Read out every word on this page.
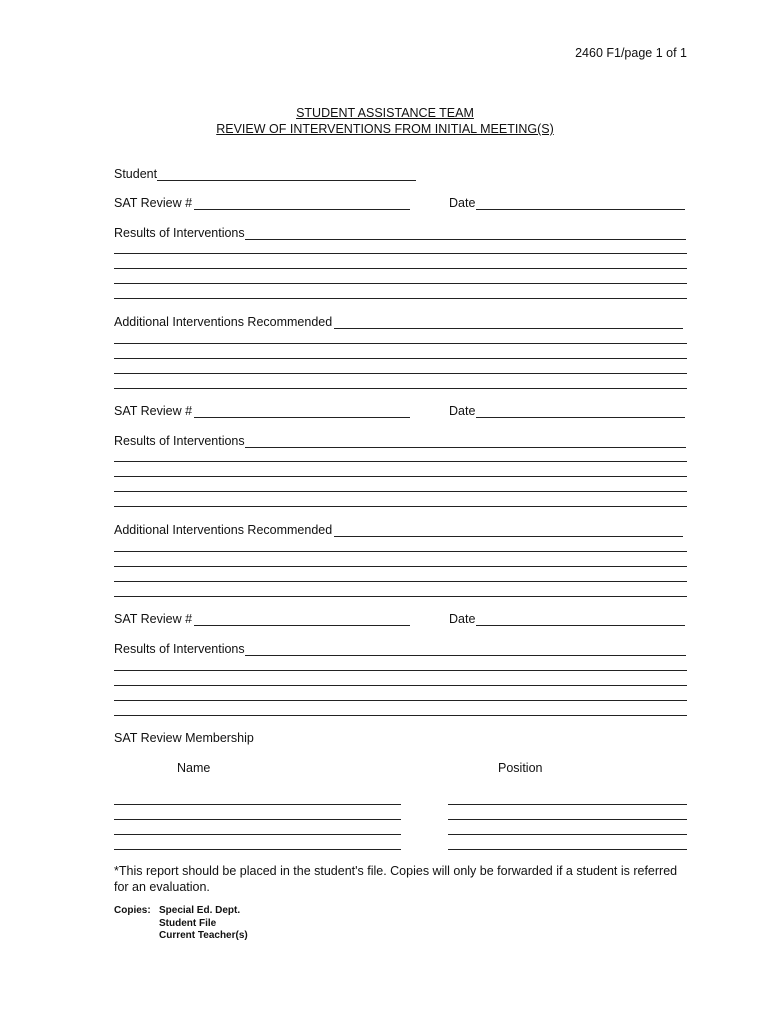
2460 F1/page 1 of 1
STUDENT ASSISTANCE TEAM
REVIEW OF INTERVENTIONS FROM INITIAL MEETING(S)
Student
SAT Review #	Date
Results of Interventions
Additional Interventions Recommended
SAT Review #	Date
Results of Interventions
Additional Interventions Recommended
SAT Review #	Date
Results of Interventions
SAT Review Membership
Name	Position
*This report should be placed in the student's file. Copies will only be forwarded if a student is referred for an evaluation.
Copies: Special Ed. Dept.
Student File
Current Teacher(s)
